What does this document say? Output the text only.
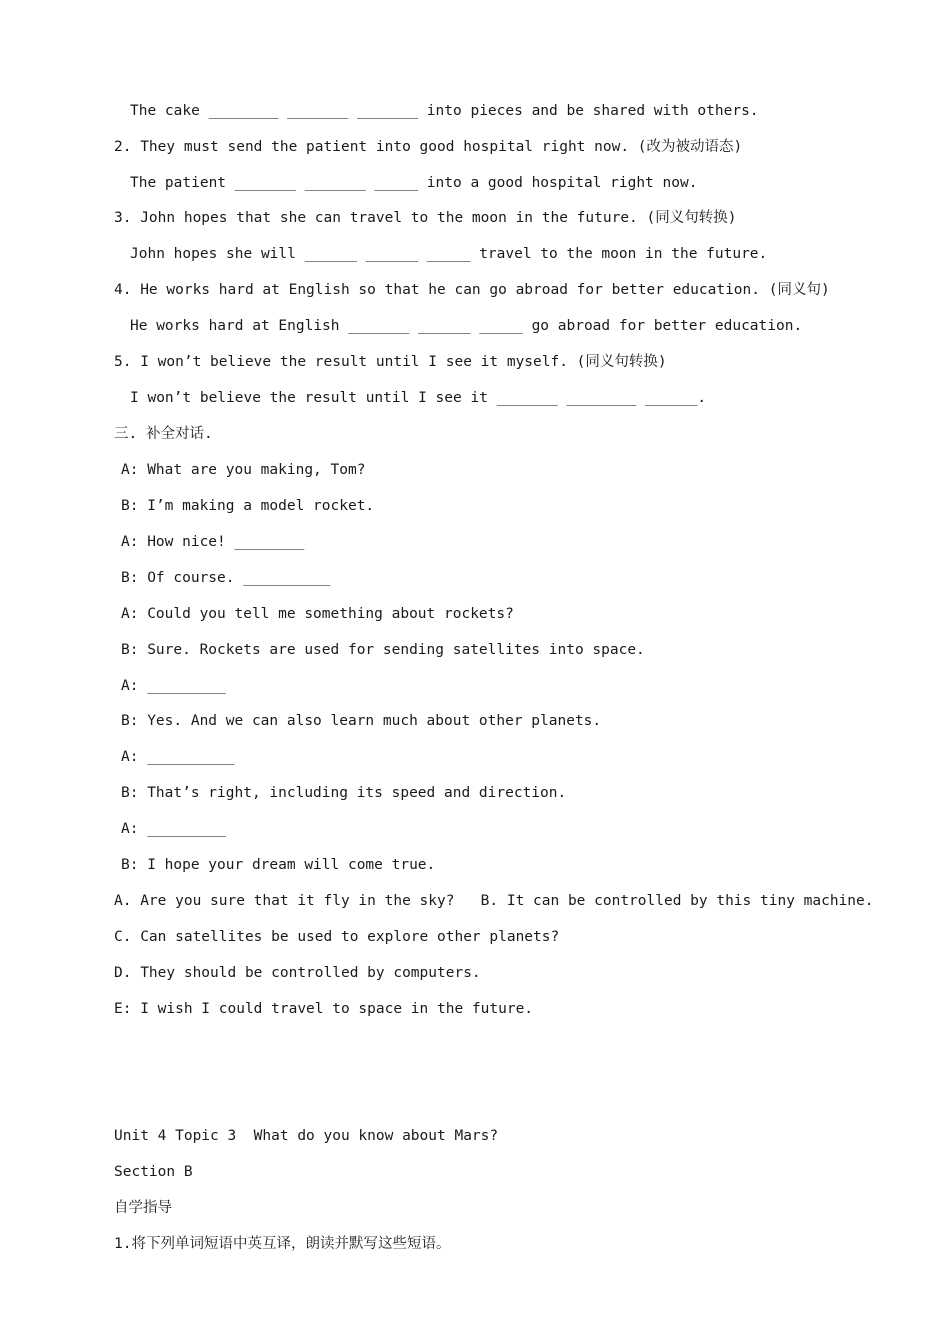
The cake ________ _______ _______ into pieces and be shared with others.
2. They must send the patient into good hospital right now. (改为被动语态)
The patient _______ _______ _____ into a good hospital right now.
3. John hopes that she can travel to the moon in the future. (同义句转换)
John hopes she will ______ ______ _____ travel to the moon in the future.
4. He works hard at English so that he can go abroad for better education. (同义句)
He works hard at English _______ ______ _____ go abroad for better education.
5. I won’t believe the result until I see it myself. (同义句转换)
I won’t believe the result until I see it _______ ________ ______.
三. 补全对话.
A: What are you making, Tom?
B: I’m making a model rocket.
A: How nice! ________
B: Of course. __________
A: Could you tell me something about rockets?
B: Sure. Rockets are used for sending satellites into space.
A: _________
B: Yes. And we can also learn much about other planets.
A: __________
B: That’s right, including its speed and direction.
A: _________
B: I hope your dream will come true.
A. Are you sure that it fly in the sky?   B. It can be controlled by this tiny machine.
C. Can satellites be used to explore other planets?
D. They should be controlled by computers.
E: I wish I could travel to space in the future.
Unit 4 Topic 3  What do you know about Mars?
Section B
自学指导
1.将下列单词短语中英互译，朗读并默写这些短语。
